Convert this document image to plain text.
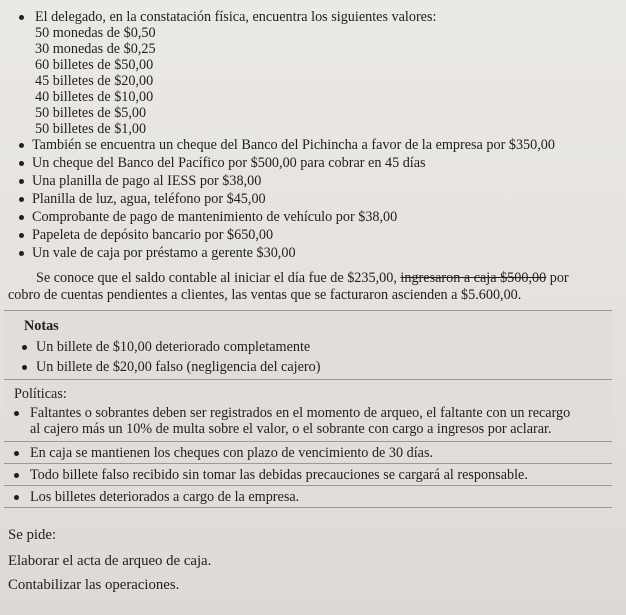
El delegado, en la constatación física, encuentra los siguientes valores:
50 monedas de $0,50
30 monedas de $0,25
60 billetes de $50,00
45 billetes de $20,00
40 billetes de $10,00
50 billetes de $5,00
50 billetes de $1,00
También se encuentra un cheque del Banco del Pichincha a favor de la empresa por $350,00
Un cheque del Banco del Pacífico por $500,00 para cobrar en 45 días
Una planilla de pago al IESS por $38,00
Planilla de luz, agua, teléfono por $45,00
Comprobante de pago de mantenimiento de vehículo por $38,00
Papeleta de depósito bancario por $650,00
Un vale de caja por préstamo a gerente $30,00
Se conoce que el saldo contable al iniciar el día fue de $235,00, ingresaron a caja $500,00 por
cobro de cuentas pendientes a clientes, las ventas que se facturaron ascienden a $5.600,00.
Notas
Un billete de $10,00 deteriorado completamente
Un billete de $20,00 falso (negligencia del cajero)
Políticas:
Faltantes o sobrantes deben ser registrados en el momento de arqueo, el faltante con un recargo
al cajero más un 10% de multa sobre el valor, o el sobrante con cargo a ingresos por aclarar.
En caja se mantienen los cheques con plazo de vencimiento de 30 días.
Todo billete falso recibido sin tomar las debidas precauciones se cargará al responsable.
Los billetes deteriorados a cargo de la empresa.
Se pide:
Elaborar el acta de arqueo de caja.
Contabilizar las operaciones.
